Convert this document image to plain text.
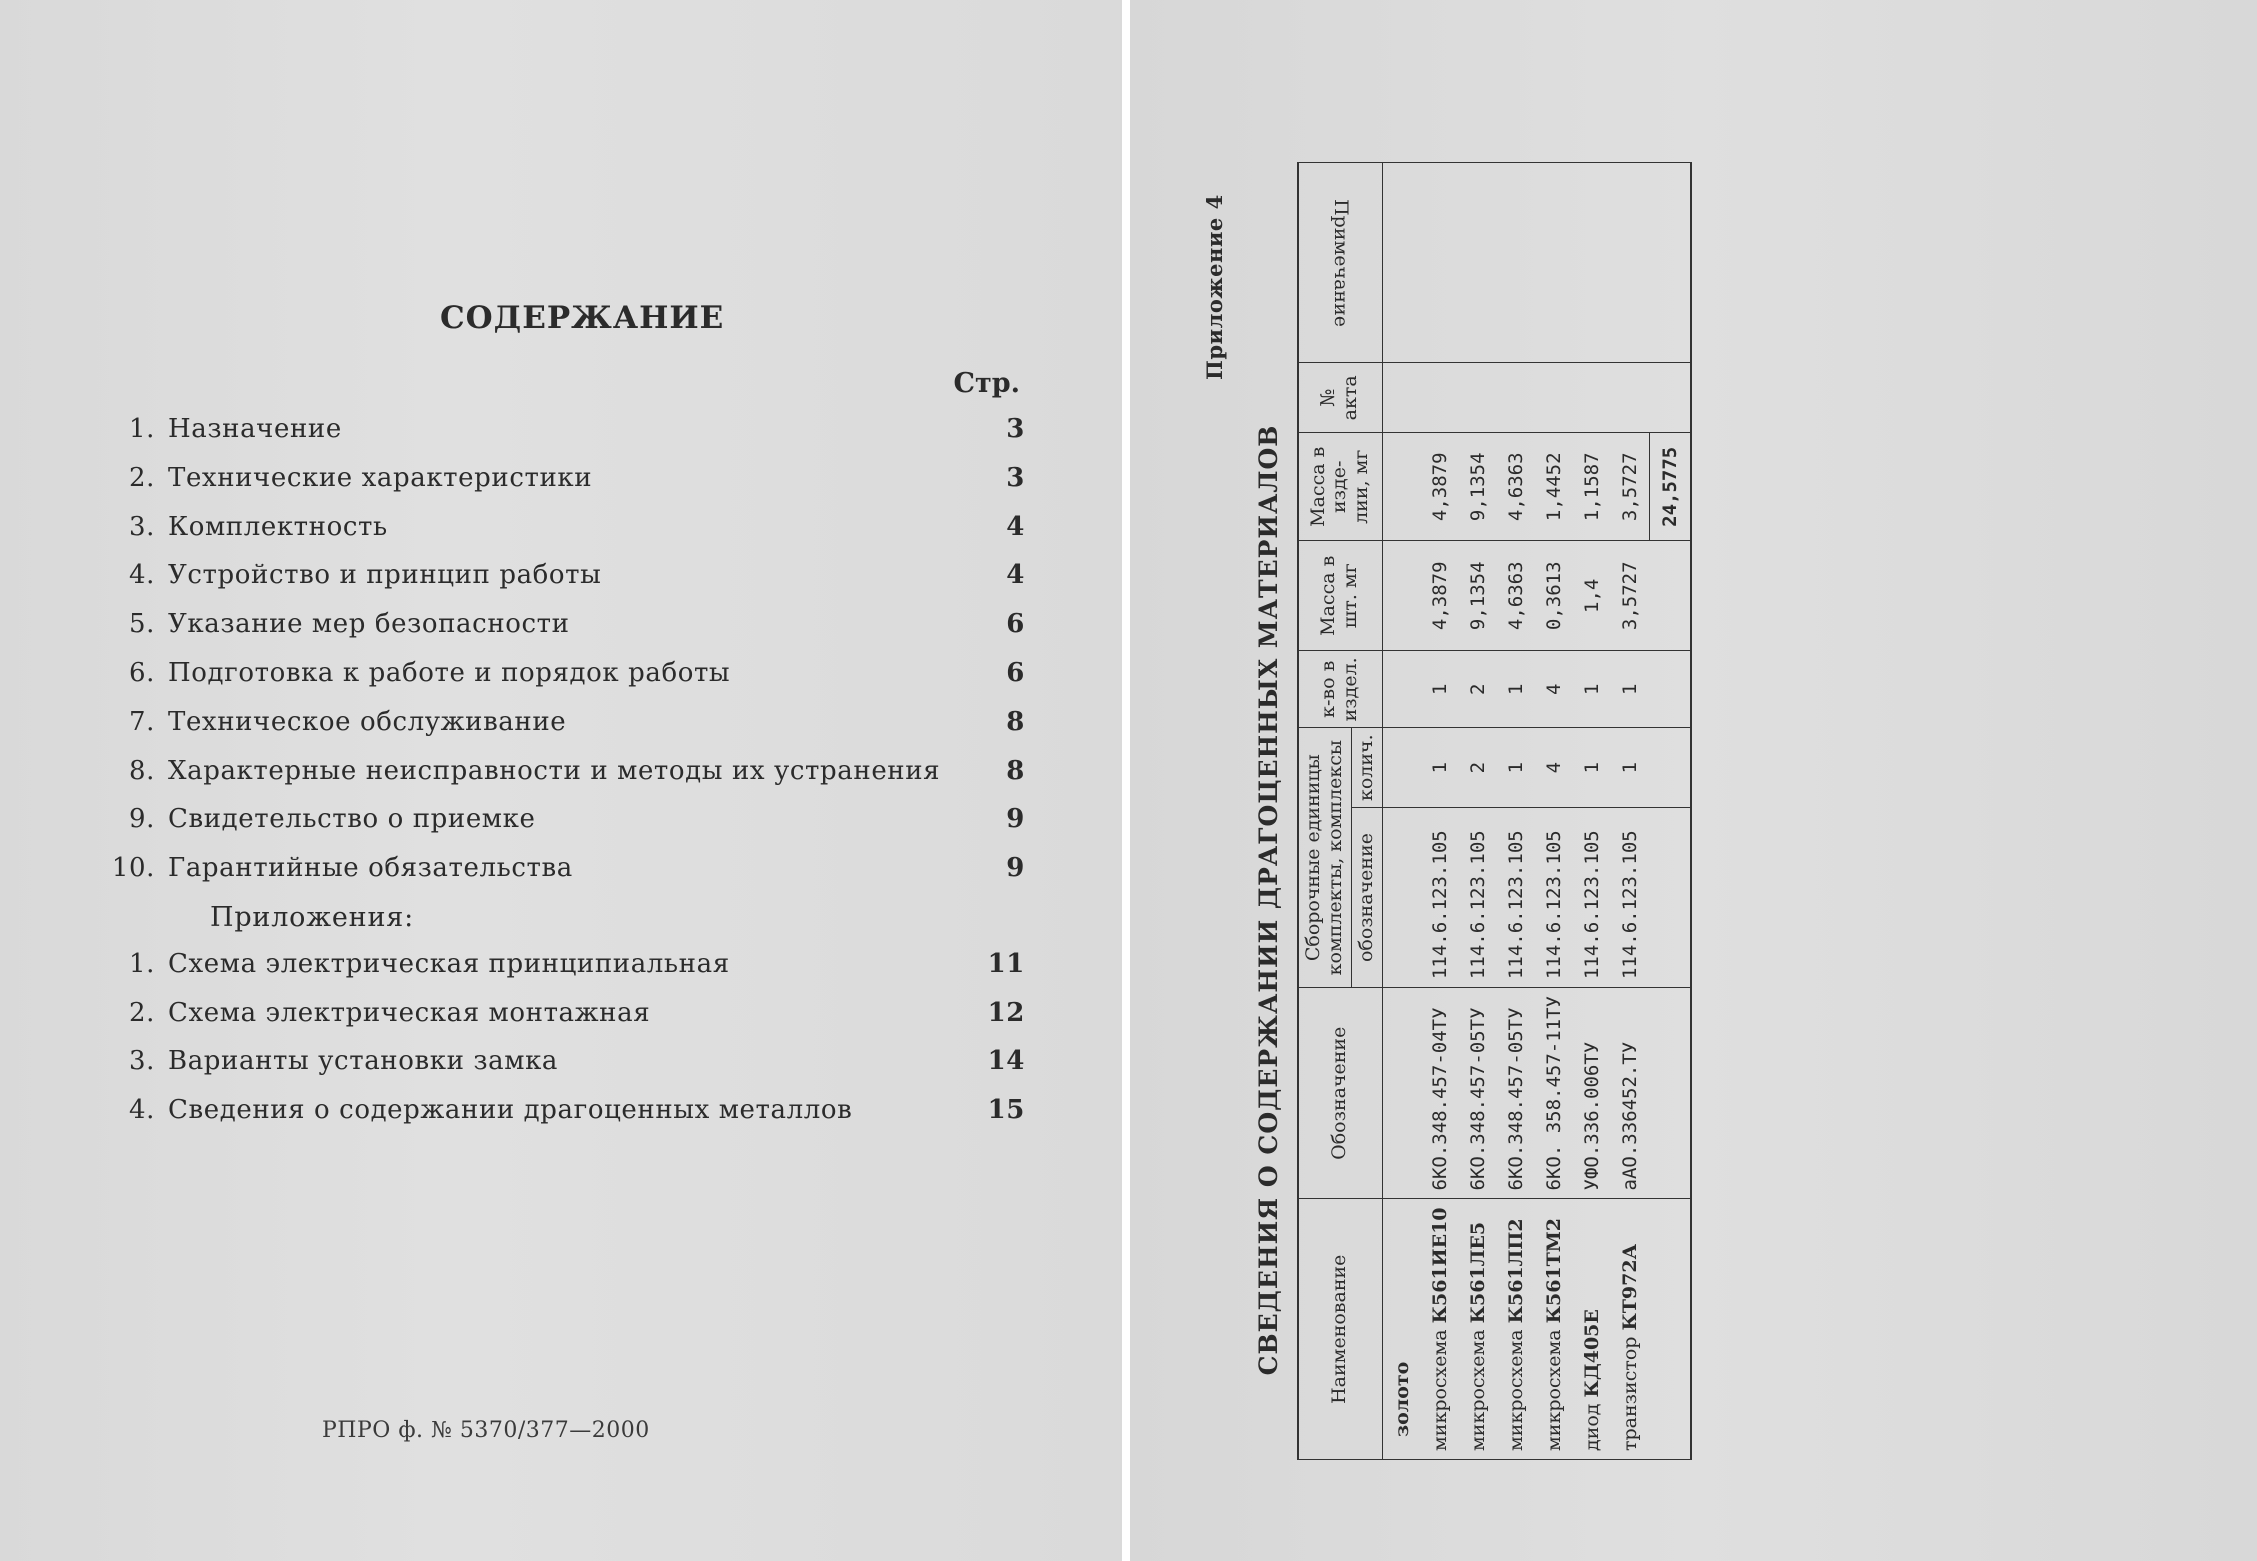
СОДЕРЖАНИЕ
Стр.
1. Назначение	3
2. Технические характеристики	3
3. Комплектность	4
4. Устройство и принцип работы	4
5. Указание мер безопасности	6
6. Подготовка к работе и порядок работы	6
7. Техническое обслуживание	8
8. Характерные неисправности и методы их устранения	8
9. Свидетельство о приемке	9
10. Гарантийные обязательства	9
Приложения:
1. Схема электрическая принципиальная	11
2. Схема электрическая монтажная	12
3. Варианты установки замка	14
4. Сведения о содержании драгоценных металлов	15
РПРО ф. № 5370/377—2000
Приложение 4
СВЕДЕНИЯ О СОДЕРЖАНИИ ДРАГОЦЕННЫХ МАТЕРИАЛОВ Наименование	Обозначение	Сборочные единицы комплекты, комплексы		к-во в издел.	Масса в шт. мг	Масса в изде- лии, мг	№ акта	Примечание
		обозначение	колич.					
золото								
микросхема К561ИЕ10	6КО.348.457-04ТУ	114.6.123.105	1	1	4,3879	4,3879		
микросхема К561ЛЕ5	6КО.348.457-05ТУ	114.6.123.105	2	2	9,1354	9,1354		
микросхема К561ЛП2	6КО.348.457-05ТУ	114.6.123.105	1	1	4,6363	4,6363		
микросхема К561ТМ2	6КО. 358.457-11ТУ	114.6.123.105	4	4	0,3613	1,4452		
диод КД405Е	УФО.336.006ТУ	114.6.123.105	1	1	1,4	1,1587		
транзистор КТ972А	аАО.336452.ТУ	114.6.123.105	1	1	3,5727	3,5727		
						24,5775		
